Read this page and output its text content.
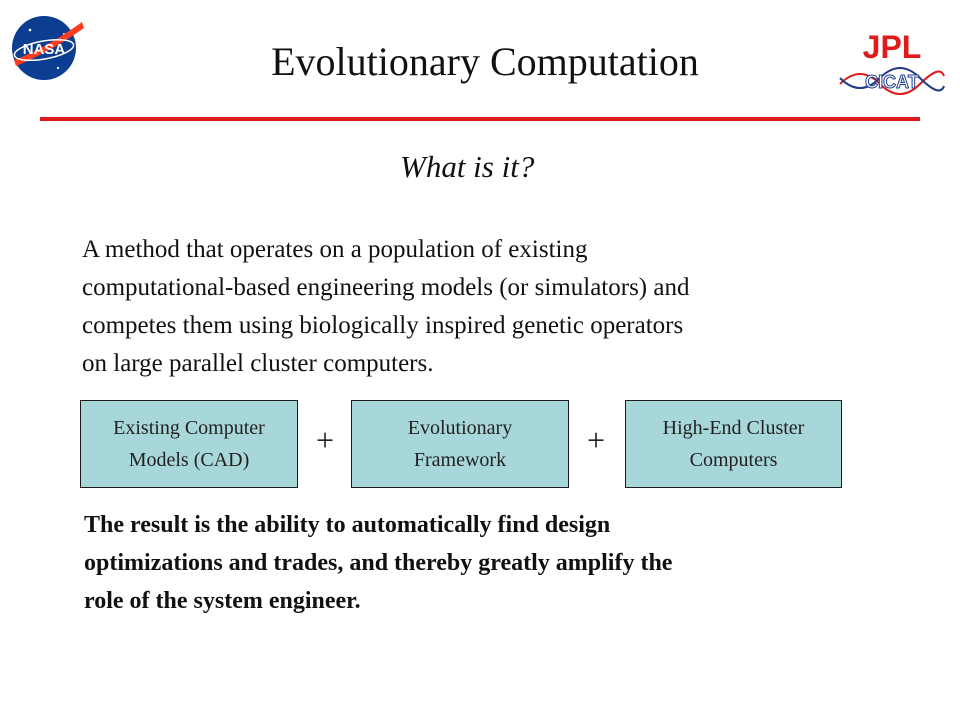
NASA	JPL
CICAT
Evolutionary Computation
What is it?
A method that operates on a population of existing
computational-based engineering models (or simulators) and
competes them using biologically inspired genetic operators
on large parallel cluster computers.
Existing Computer
Models (CAD)
+	Evolutionary
Framework
+	High-End Cluster
Computers
The result is the ability to automatically find design
optimizations and trades, and thereby greatly amplify the
role of the system engineer.
